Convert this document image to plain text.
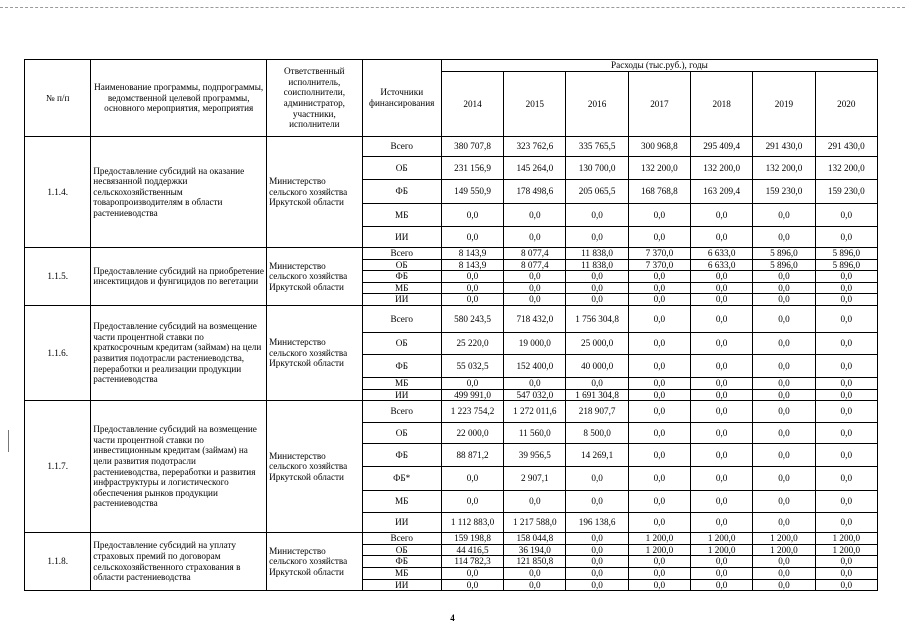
№ п/п	Наименование программы, подпрограммы, ведомственной целевой программы, основного мероприятия, мероприятия	Ответственный исполнитель, соисполнители, администратор, участники, исполнители	Источники финансирования	Расходы (тыс.руб.), годы						
				2014	2015	2016	2017	2018	2019	2020
1.1.4.	Предоставление субсидий на оказание несвязанной поддержки сельскохозяйственным товаропроизводителям в области растениеводства	Министерство сельского хозяйства Иркутской области	Всего	380 707,8	323 762,6	335 765,5	300 968,8	295 409,4	291 430,0	291 430,0
			ОБ	231 156,9	145 264,0	130 700,0	132 200,0	132 200,0	132 200,0	132 200,0
			ФБ	149 550,9	178 498,6	205 065,5	168 768,8	163 209,4	159 230,0	159 230,0
			МБ	0,0	0,0	0,0	0,0	0,0	0,0	0,0
			ИИ	0,0	0,0	0,0	0,0	0,0	0,0	0,0
1.1.5.	Предоставление субсидий на приобретение инсектицидов и фунгицидов по вегетации	Министерство сельского хозяйства Иркутской области	Всего	8 143,9	8 077,4	11 838,0	7 370,0	6 633,0	5 896,0	5 896,0
			ОБ	8 143,9	8 077,4	11 838,0	7 370,0	6 633,0	5 896,0	5 896,0
			ФБ	0,0	0,0	0,0	0,0	0,0	0,0	0,0
			МБ	0,0	0,0	0,0	0,0	0,0	0,0	0,0
			ИИ	0,0	0,0	0,0	0,0	0,0	0,0	0,0
1.1.6.	Предоставление субсидий на возмещение части процентной ставки по краткосрочным кредитам (займам) на цели развития подотрасли растениеводства, переработки и реализации продукции растениеводства	Министерство сельского хозяйства Иркутской области	Всего	580 243,5	718 432,0	1 756 304,8	0,0	0,0	0,0	0,0
			ОБ	25 220,0	19 000,0	25 000,0	0,0	0,0	0,0	0,0
			ФБ	55 032,5	152 400,0	40 000,0	0,0	0,0	0,0	0,0
			МБ	0,0	0,0	0,0	0,0	0,0	0,0	0,0
			ИИ	499 991,0	547 032,0	1 691 304,8	0,0	0,0	0,0	0,0
1.1.7.	Предоставление субсидий на возмещение части процентной ставки по инвестиционным кредитам (займам) на цели развития подотрасли растениеводства, переработки и развития инфраструктуры и логистического обеспечения рынков продукции растениеводства	Министерство сельского хозяйства Иркутской области	Всего	1 223 754,2	1 272 011,6	218 907,7	0,0	0,0	0,0	0,0
			ОБ	22 000,0	11 560,0	8 500,0	0,0	0,0	0,0	0,0
			ФБ	88 871,2	39 956,5	14 269,1	0,0	0,0	0,0	0,0
			ФБ*	0,0	2 907,1	0,0	0,0	0,0	0,0	0,0
			МБ	0,0	0,0	0,0	0,0	0,0	0,0	0,0
			ИИ	1 112 883,0	1 217 588,0	196 138,6	0,0	0,0	0,0	0,0
1.1.8.	Предоставление субсидий на уплату страховых премий по договорам сельскохозяйственного страхования в области растениеводства	Министерство сельского хозяйства Иркутской области	Всего	159 198,8	158 044,8	0,0	1 200,0	1 200,0	1 200,0	1 200,0
			ОБ	44 416,5	36 194,0	0,0	1 200,0	1 200,0	1 200,0	1 200,0
			ФБ	114 782,3	121 850,8	0,0	0,0	0,0	0,0	0,0
			МБ	0,0	0,0	0,0	0,0	0,0	0,0	0,0
			ИИ	0,0	0,0	0,0	0,0	0,0	0,0	0,0
4
